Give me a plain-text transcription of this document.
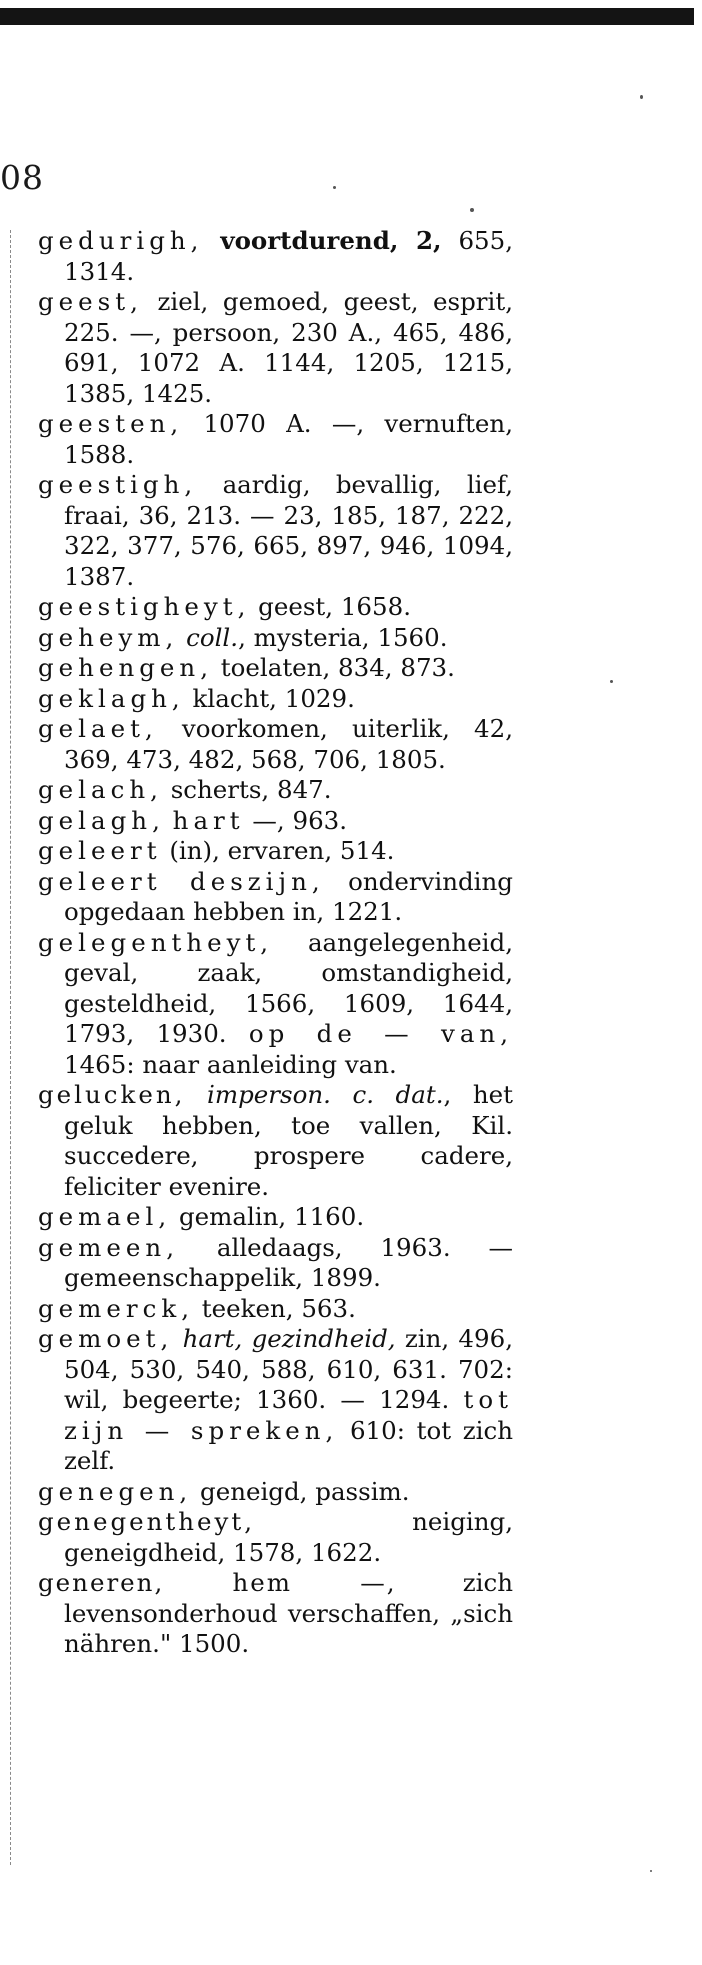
08
gedurigh, voortdurend, 2, 655, 1314.
geest, ziel, gemoed, geest, esprit, 225. —, persoon, 230 A., 465, 486, 691, 1072 A. 1144, 1205, 1215, 1385, 1425.
geesten, 1070 A. —, vernuften, 1588.
geestigh, aardig, bevallig, lief, fraai, 36, 213. — 23, 185, 187, 222, 322, 377, 576, 665, 897, 946, 1094, 1387.
geestigheyt, geest, 1658.
geheym, coll., mysteria, 1560.
gehengen, toelaten, 834, 873.
geklagh, klacht, 1029.
gelaet, voorkomen, uiterlik, 42, 369, 473, 482, 568, 706, 1805.
gelach, scherts, 847.
gelagh, hart —, 963.
geleert (in), ervaren, 514.
geleert deszijn, ondervinding opgedaan hebben in, 1221.
gelegentheyt, aangelegenheid, geval, zaak, omstandigheid, gesteldheid, 1566, 1609, 1644, 1793, 1930. op de — van, 1465: naar aanleiding van.
gelucken, imperson. c. dat., het geluk hebben, toe vallen, Kil. succedere, prospere cadere, feliciter evenire.
gemael, gemalin, 1160.
gemeen, alledaags, 1963. — gemeenschappelik, 1899.
gemerck, teeken, 563.
gemoet, hart, gezindheid, zin, 496, 504, 530, 540, 588, 610, 631. 702: wil, begeerte; 1360. — 1294. tot zijn — spreken, 610: tot zich zelf.
genegen, geneigd, passim.
genegentheyt,	neiging, geneigdheid, 1578, 1622.
generen, hem —,	zich levensonderhoud verschaffen, „sich nähren." 1500.
